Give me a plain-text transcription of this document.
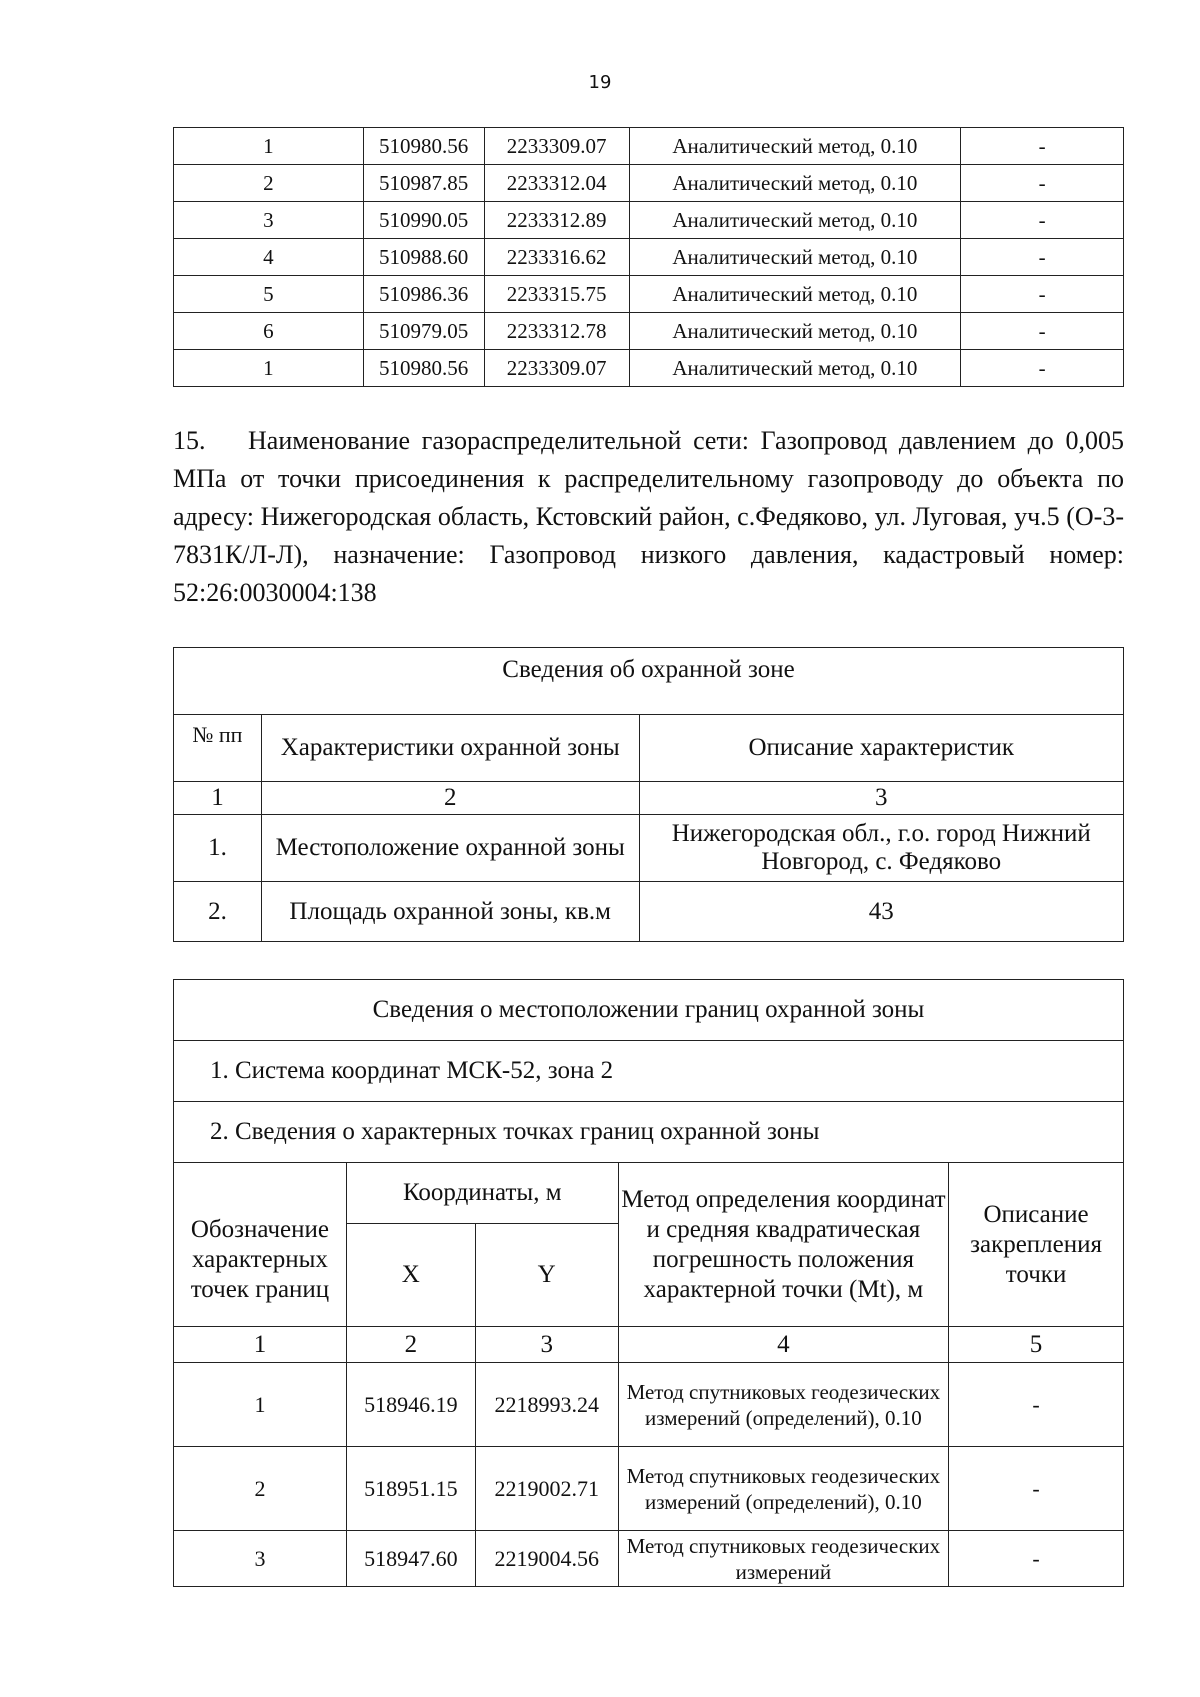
19
1	510980.56	2233309.07	Аналитический метод, 0.10	-
2	510987.85	2233312.04	Аналитический метод, 0.10	-
3	510990.05	2233312.89	Аналитический метод, 0.10	-
4	510988.60	2233316.62	Аналитический метод, 0.10	-
5	510986.36	2233315.75	Аналитический метод, 0.10	-
6	510979.05	2233312.78	Аналитический метод, 0.10	-
1	510980.56	2233309.07	Аналитический метод, 0.10	-
15. Наименование газораспределительной сети: Газопровод давлением до 0,005 МПа от точки присоединения к распределительному газопроводу до объекта по адресу: Нижегородская область, Кстовский район, с.Федяково, ул. Луговая, уч.5 (О-3-7831К/Л-Л), назначение: Газопровод низкого давления, кадастровый номер: 52:26:0030004:138
Сведения об охранной зоне		
№ пп	Характеристики охранной зоны	Описание характеристик
1	2	3
1.	Местоположение охранной зоны	Нижегородская обл., г.о. город Нижний Новгород, с. Федяково
2.	Площадь охранной зоны, кв.м	43
Сведения о местоположении границ охранной зоны				
1. Система координат МСК-52, зона 2				
2. Сведения о характерных точках границ охранной зоны				
Обозначение характерных точек границ	Координаты, м		Метод определения координат и средняя квадратическая погрешность положения характерной точки (Mt), м	Описание закрепления точки
	X	Y		
1	2	3	4	5
1	518946.19	2218993.24	Метод спутниковых геодезических измерений (определений), 0.10	-
2	518951.15	2219002.71	Метод спутниковых геодезических измерений (определений), 0.10	-
3	518947.60	2219004.56	Метод спутниковых геодезических измерений	-
